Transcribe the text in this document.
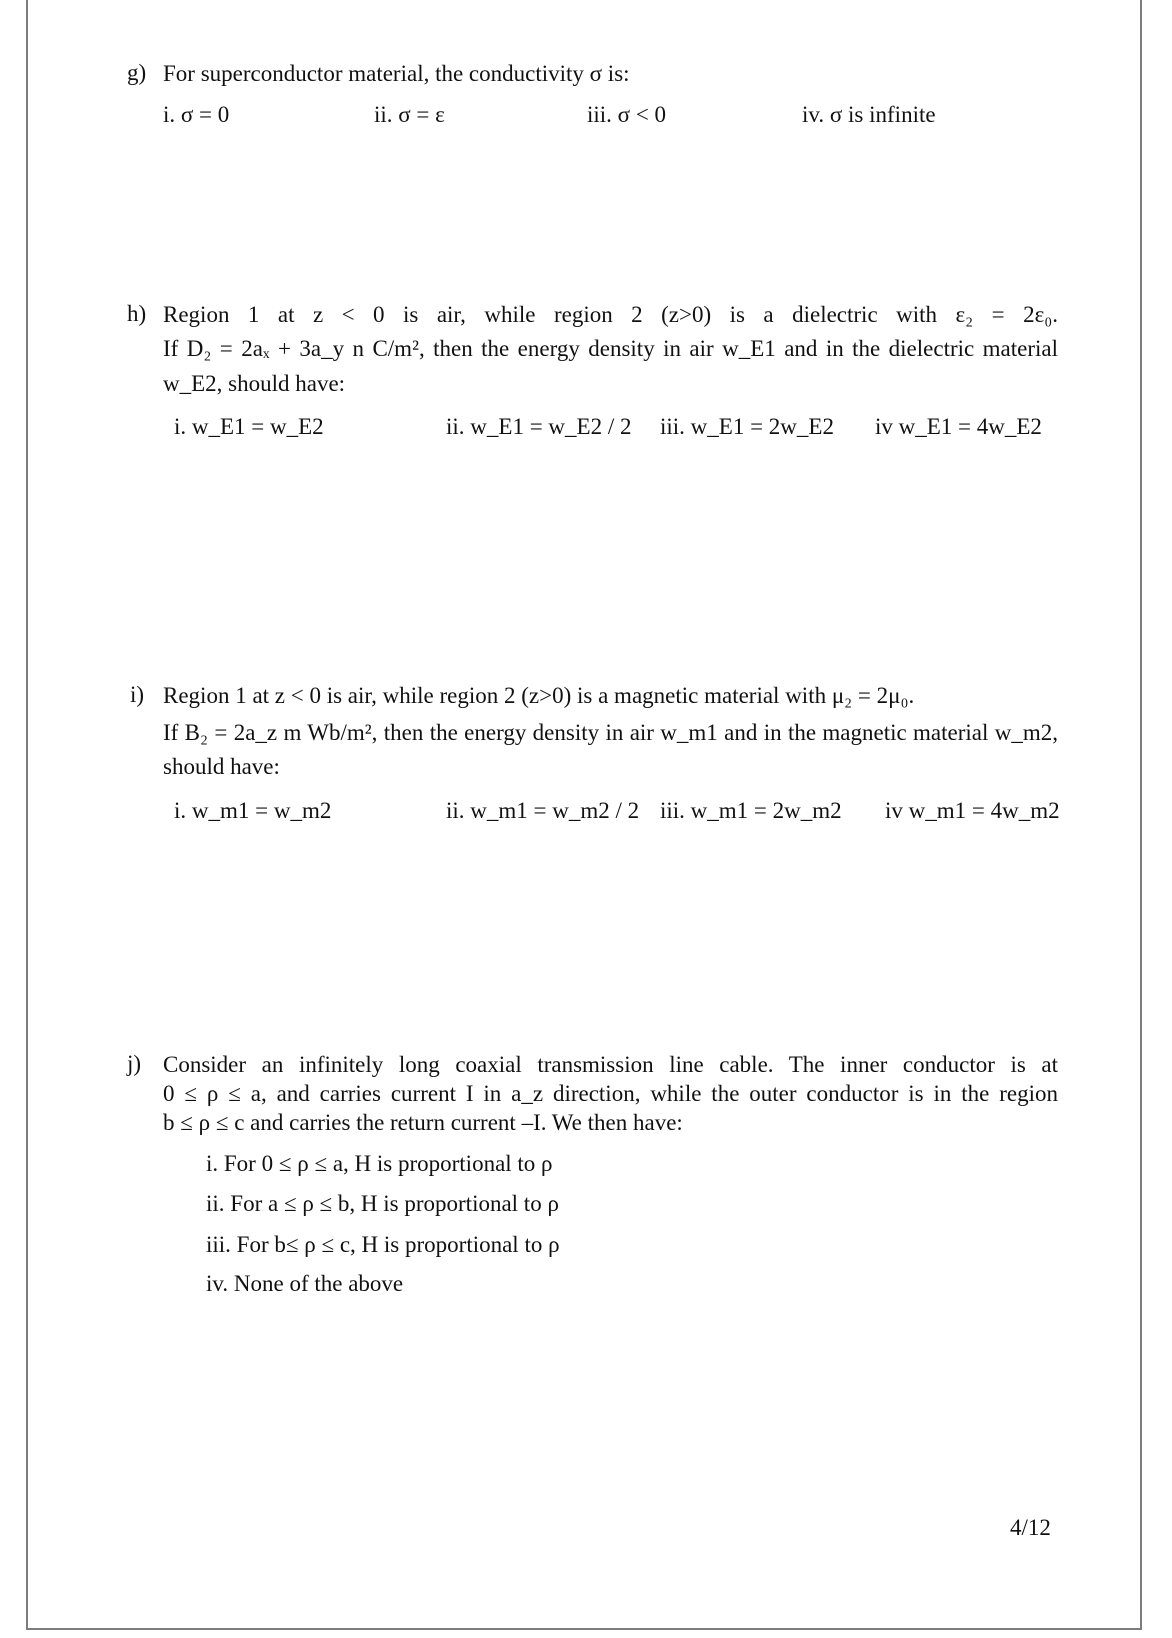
g) For superconductor material, the conductivity σ is:
i. σ = 0	ii. σ = ε	iii. σ < 0	iv. σ is infinite
h) Region 1 at z < 0 is air, while region 2 (z>0) is a dielectric with ε₂ = 2ε₀.
If D₂ = 2aₓ + 3a_y n C/m², then the energy density in air w_E1 and in the dielectric material
w_E2, should have:
i. w_E1 = w_E2	ii. w_E1 = w_E2 / 2 iii. w_E1 = 2w_E2 iv w_E1 = 4w_E2
i) Region 1 at z < 0 is air, while region 2 (z>0) is a magnetic material with μ₂ = 2μ₀.
If B₂ = 2a_z m Wb/m², then the energy density in air w_m1 and in the magnetic material w_m2,
should have:
i. w_m1 = w_m2	ii. w_m1 = w_m2 / 2 iii. w_m1 = 2w_m2 iv w_m1 = 4w_m2
j) Consider an infinitely long coaxial transmission line cable. The inner conductor is at
0 ≤ ρ ≤ a, and carries current I in a_z direction, while the outer conductor is in the region
b ≤ ρ ≤ c and carries the return current –I. We then have:
i. For 0 ≤ ρ ≤ a, H is proportional to ρ
ii. For a ≤ ρ ≤ b, H is proportional to ρ
iii. For b≤ ρ ≤ c, H is proportional to ρ
iv. None of the above
4/12
